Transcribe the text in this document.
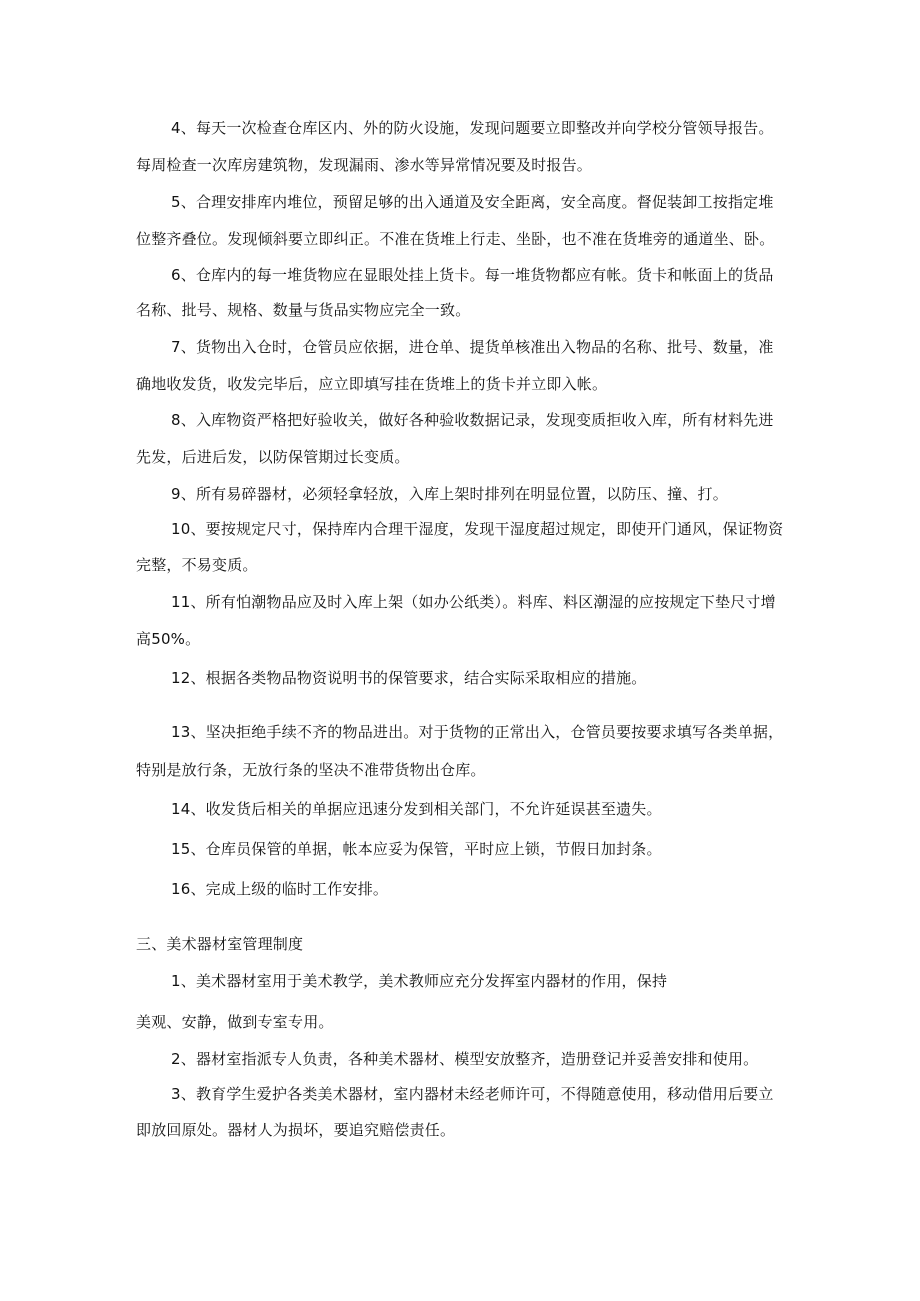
4、每天一次检查仓库区内、外的防火设施，发现问题要立即整改并向学校分管领导报告。
每周检查一次库房建筑物，发现漏雨、渗水等异常情况要及时报告。
5、合理安排库内堆位，预留足够的出入通道及安全距离，安全高度。督促装卸工按指定堆
位整齐叠位。发现倾斜要立即纠正。不准在货堆上行走、坐卧，也不准在货堆旁的通道坐、卧。
6、仓库内的每一堆货物应在显眼处挂上货卡。每一堆货物都应有帐。货卡和帐面上的货品
名称、批号、规格、数量与货品实物应完全一致。
7、货物出入仓时，仓管员应依据，进仓单、提货单核准出入物品的名称、批号、数量，准
确地收发货，收发完毕后，应立即填写挂在货堆上的货卡并立即入帐。
8、入库物资严格把好验收关，做好各种验收数据记录，发现变质拒收入库，所有材料先进
先发，后进后发，以防保管期过长变质。
9、所有易碎器材，必须轻拿轻放，入库上架时排列在明显位置，以防压、撞、打。
10、要按规定尺寸，保持库内合理干湿度，发现干湿度超过规定，即使开门通风，保证物资
完整，不易变质。
11、所有怕潮物品应及时入库上架（如办公纸类）。料库、料区潮湿的应按规定下垫尺寸增
高50%。
12、根据各类物品物资说明书的保管要求，结合实际采取相应的措施。
13、坚决拒绝手续不齐的物品进出。对于货物的正常出入，仓管员要按要求填写各类单据，
特别是放行条，无放行条的坚决不准带货物出仓库。
14、收发货后相关的单据应迅速分发到相关部门，不允许延误甚至遗失。
15、仓库员保管的单据，帐本应妥为保管，平时应上锁，节假日加封条。
16、完成上级的临时工作安排。
三、美术器材室管理制度
1、美术器材室用于美术教学，美术教师应充分发挥室内器材的作用，保持
美观、安静，做到专室专用。
2、器材室指派专人负责，各种美术器材、模型安放整齐，造册登记并妥善安排和使用。
3、教育学生爱护各类美术器材，室内器材未经老师许可，不得随意使用，移动借用后要立
即放回原处。器材人为损坏，要追究赔偿责任。
